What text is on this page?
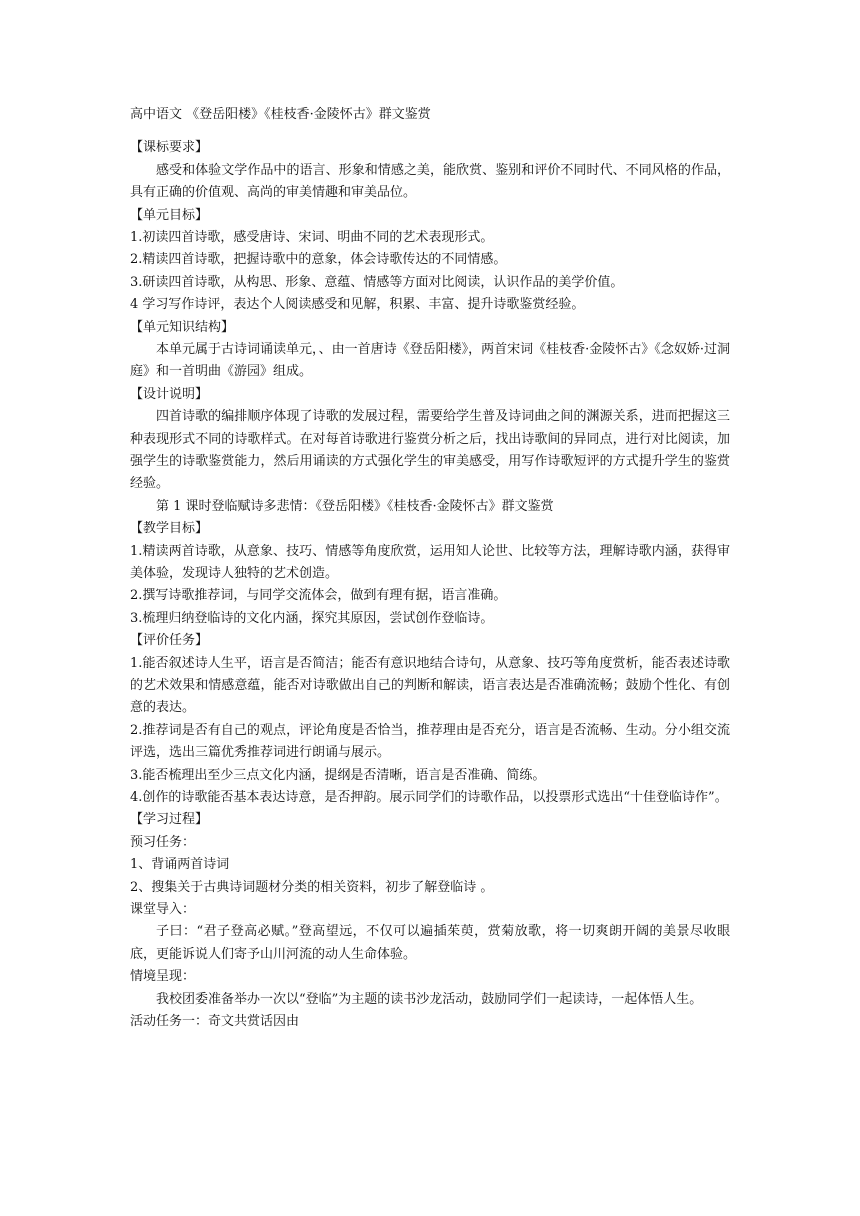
高中语文 《登岳阳楼》《桂枝香·金陵怀古》群文鉴赏
【课标要求】
感受和体验文学作品中的语言、形象和情感之美，能欣赏、鉴别和评价不同时代、不同风格的作品，具有正确的价值观、高尚的审美情趣和审美品位。
【单元目标】
1.初读四首诗歌，感受唐诗、宋词、明曲不同的艺术表现形式。
2.精读四首诗歌，把握诗歌中的意象，体会诗歌传达的不同情感。
3.研读四首诗歌，从构思、形象、意蕴、情感等方面对比阅读，认识作品的美学价值。
4 学习写作诗评，表达个人阅读感受和见解，积累、丰富、提升诗歌鉴赏经验。
【单元知识结构】
本单元属于古诗词诵读单元，、由一首唐诗《登岳阳楼》，两首宋词《桂枝香·金陵怀古》《念奴娇·过洞庭》和一首明曲《游园》组成。
【设计说明】
四首诗歌的编排顺序体现了诗歌的发展过程，需要给学生普及诗词曲之间的渊源关系，进而把握这三种表现形式不同的诗歌样式。在对每首诗歌进行鉴赏分析之后，找出诗歌间的异同点，进行对比阅读，加强学生的诗歌鉴赏能力，然后用诵读的方式强化学生的审美感受，用写作诗歌短评的方式提升学生的鉴赏经验。
第 1 课时登临赋诗多悲情：《登岳阳楼》《桂枝香·金陵怀古》群文鉴赏
【教学目标】
1.精读两首诗歌，从意象、技巧、情感等角度欣赏，运用知人论世、比较等方法，理解诗歌内涵，获得审美体验，发现诗人独特的艺术创造。
2.撰写诗歌推荐词，与同学交流体会，做到有理有据，语言准确。
3.梳理归纳登临诗的文化内涵，探究其原因，尝试创作登临诗。
【评价任务】
1.能否叙述诗人生平，语言是否简洁；能否有意识地结合诗句，从意象、技巧等角度赏析，能否表述诗歌的艺术效果和情感意蕴，能否对诗歌做出自己的判断和解读，语言表达是否准确流畅；鼓励个性化、有创意的表达。
2.推荐词是否有自己的观点，评论角度是否恰当，推荐理由是否充分，语言是否流畅、生动。分小组交流评选，选出三篇优秀推荐词进行朗诵与展示。
3.能否梳理出至少三点文化内涵，提纲是否清晰，语言是否准确、简练。
4.创作的诗歌能否基本表达诗意，是否押韵。展示同学们的诗歌作品，以投票形式选出“十佳登临诗作”。
【学习过程】
预习任务：
1、背诵两首诗词
2、搜集关于古典诗词题材分类的相关资料，初步了解登临诗 。
课堂导入：
子曰：“君子登高必赋。”登高望远，不仅可以遍插茱萸，赏菊放歌，将一切爽朗开阔的美景尽收眼底，更能诉说人们寄予山川河流的动人生命体验。
情境呈现：
我校团委准备举办一次以“登临”为主题的读书沙龙活动，鼓励同学们一起读诗，一起体悟人生。
活动任务一：奇文共赏话因由
